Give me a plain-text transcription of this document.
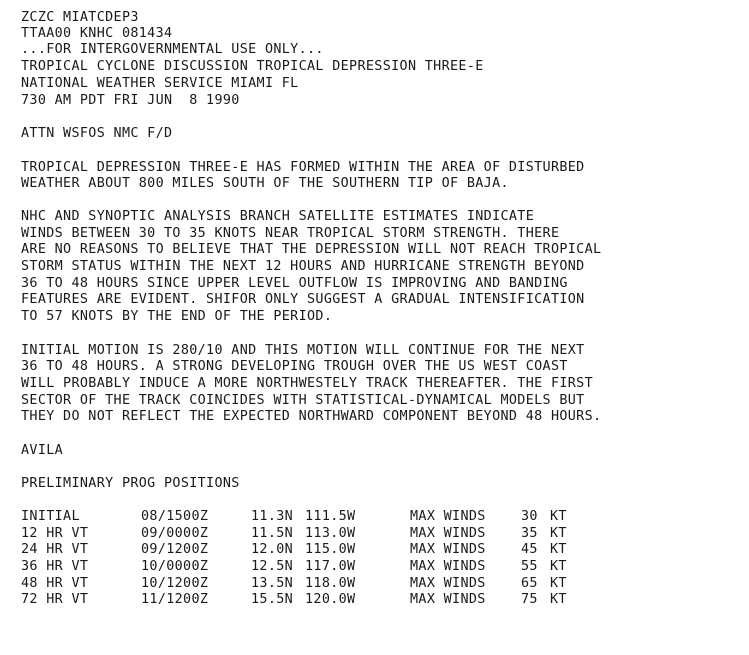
ZCZC MIATCDEP3
TTAA00 KNHC 081434
...FOR INTERGOVERNMENTAL USE ONLY...
TROPICAL CYCLONE DISCUSSION TROPICAL DEPRESSION THREE-E
NATIONAL WEATHER SERVICE MIAMI FL
730 AM PDT FRI JUN  8 1990
ATTN WSFOS NMC F/D
TROPICAL DEPRESSION THREE-E HAS FORMED WITHIN THE AREA OF DISTURBED
WEATHER ABOUT 800 MILES SOUTH OF THE SOUTHERN TIP OF BAJA.
NHC AND SYNOPTIC ANALYSIS BRANCH SATELLITE ESTIMATES INDICATE
WINDS BETWEEN 30 TO 35 KNOTS NEAR TROPICAL STORM STRENGTH. THERE
ARE NO REASONS TO BELIEVE THAT THE DEPRESSION WILL NOT REACH TROPICAL
STORM STATUS WITHIN THE NEXT 12 HOURS AND HURRICANE STRENGTH BEYOND
36 TO 48 HOURS SINCE UPPER LEVEL OUTFLOW IS IMPROVING AND BANDING
FEATURES ARE EVIDENT. SHIFOR ONLY SUGGEST A GRADUAL INTENSIFICATION
TO 57 KNOTS BY THE END OF THE PERIOD.
INITIAL MOTION IS 280/10 AND THIS MOTION WILL CONTINUE FOR THE NEXT
36 TO 48 HOURS. A STRONG DEVELOPING TROUGH OVER THE US WEST COAST
WILL PROBABLY INDUCE A MORE NORTHWESTELY TRACK THEREAFTER. THE FIRST
SECTOR OF THE TRACK COINCIDES WITH STATISTICAL-DYNAMICAL MODELS BUT
THEY DO NOT REFLECT THE EXPECTED NORTHWARD COMPONENT BEYOND 48 HOURS.
AVILA
PRELIMINARY PROG POSITIONS
INITIAL	08/1500Z	11.3N 111.5W	MAX WINDS	30 KT
12 HR VT	09/0000Z	11.5N 113.0W	MAX WINDS	35 KT
24 HR VT	09/1200Z	12.0N 115.0W	MAX WINDS	45 KT
36 HR VT	10/0000Z	12.5N 117.0W	MAX WINDS	55 KT
48 HR VT	10/1200Z	13.5N 118.0W	MAX WINDS	65 KT
72 HR VT	11/1200Z	15.5N 120.0W	MAX WINDS	75 KT
